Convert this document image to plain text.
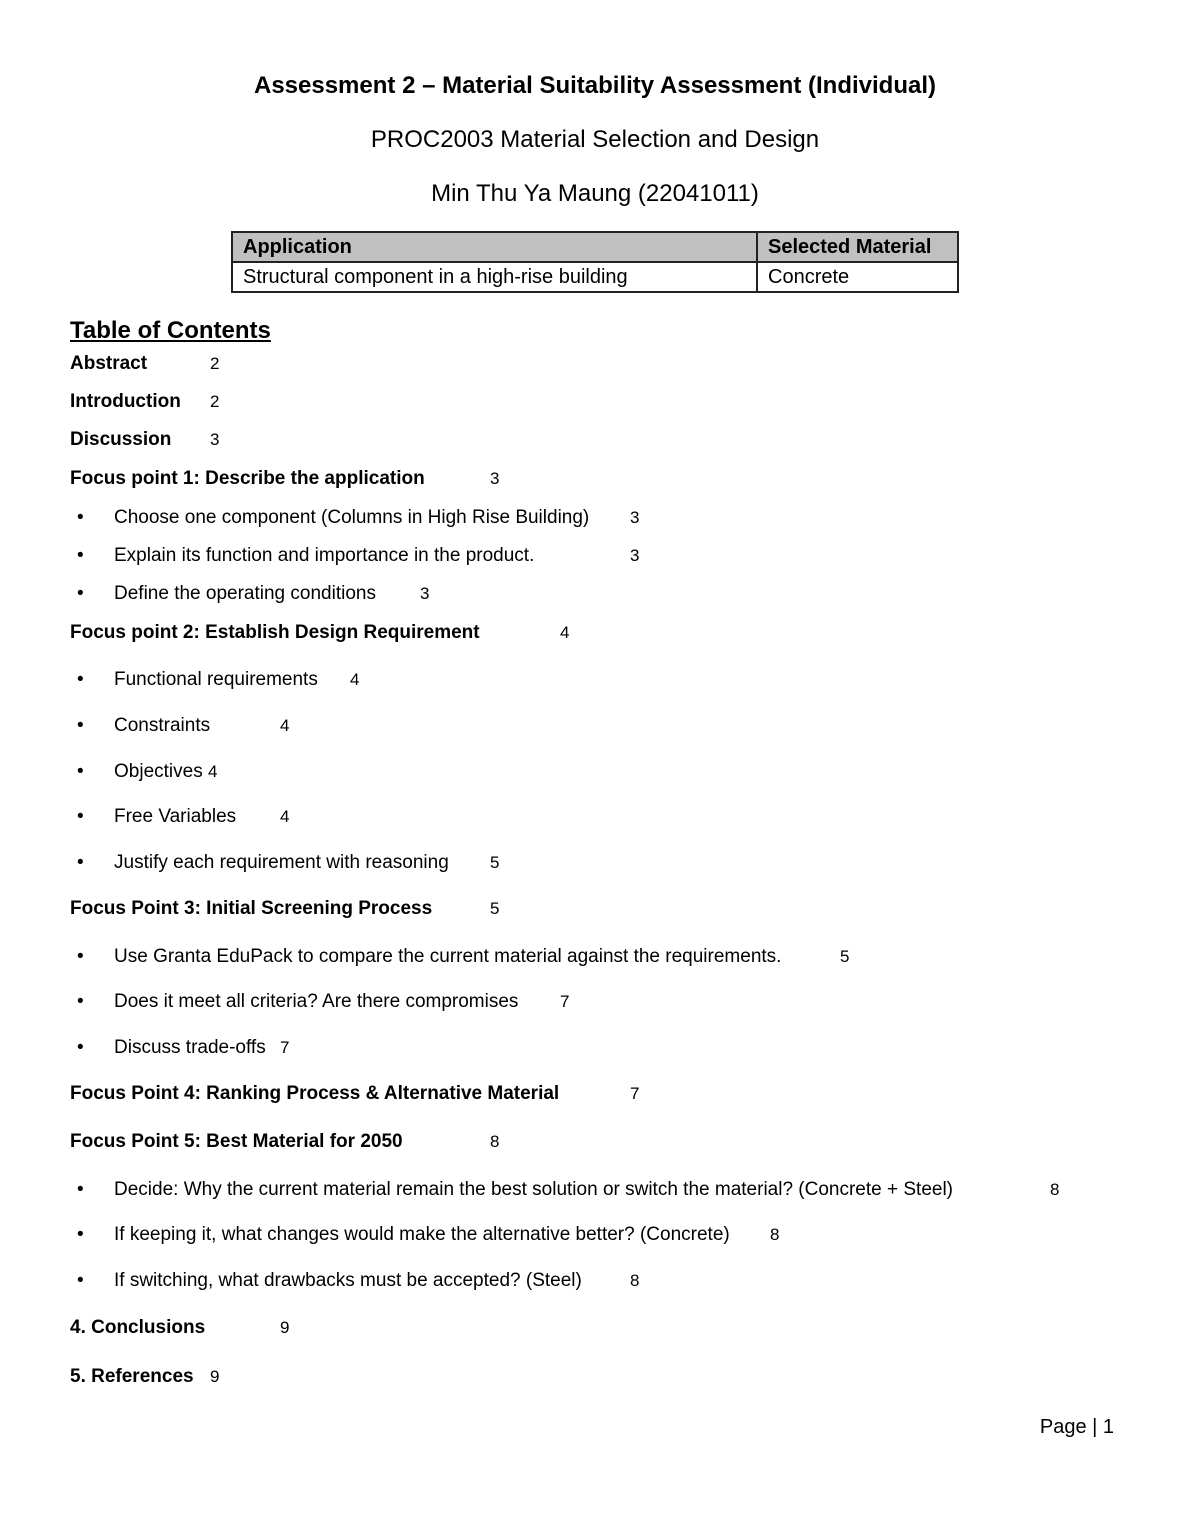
Assessment 2 – Material Suitability Assessment (Individual)
PROC2003 Material Selection and Design
Min Thu Ya Maung (22041011)
Application	Selected Material
Structural component in a high-rise building	Concrete
Table of Contents
Abstract	2
Introduction 2
Discussion 3
Focus point 1: Describe the application	3
• Choose one component (Columns in High Rise Building) 3
• Explain its function and importance in the product.	3
• Define the operating conditions	3
Focus point 2: Establish Design Requirement	4
• Functional requirements 4
• Constraints	4
• Objectives 4
• Free Variables	4
• Justify each requirement with reasoning 5
Focus Point 3: Initial Screening Process	5
• Use Granta EduPack to compare the current material against the requirements.	5
• Does it meet all criteria? Are there compromises 7
• Discuss trade-offs 7
Focus Point 4: Ranking Process & Alternative Material	7
Focus Point 5: Best Material for 2050	8
• Decide: Why the current material remain the best solution or switch the material? (Concrete + Steel)	8
• If keeping it, what changes would make the alternative better? (Concrete) 8
• If switching, what drawbacks must be accepted? (Steel)	8
4. Conclusions	9
5. References 9
Page | 1
